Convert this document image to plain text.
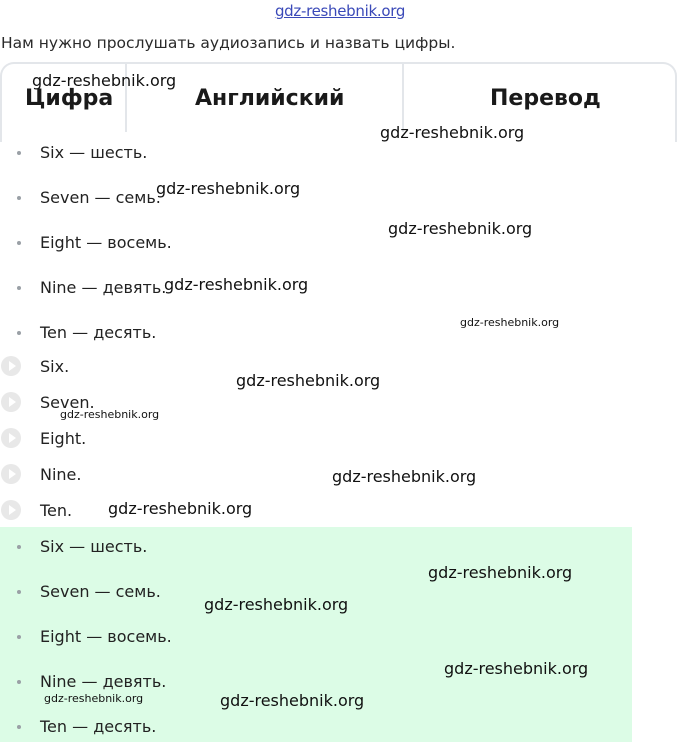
gdz-reshebnik.org
Нам нужно прослушать аудиозапись и назвать цифры.
Цифра	Английский	Перевод
Six — шесть.
Seven — семь.
Eight — восемь.
Nine — девять.
Ten — десять.
Six.
Seven.
Eight.
Nine.
Ten.
Six — шесть.
Seven — семь.
Eight — восемь.
Nine — девять.
Ten — десять.
gdz-reshebnik.org
gdz-reshebnik.org
gdz-reshebnik.org
gdz-reshebnik.org
gdz-reshebnik.org
gdz-reshebnik.org
gdz-reshebnik.org
gdz-reshebnik.org
gdz-reshebnik.org
gdz-reshebnik.org
gdz-reshebnik.org
gdz-reshebnik.org
gdz-reshebnik.org
gdz-reshebnik.org	gdz-reshebnik.org
